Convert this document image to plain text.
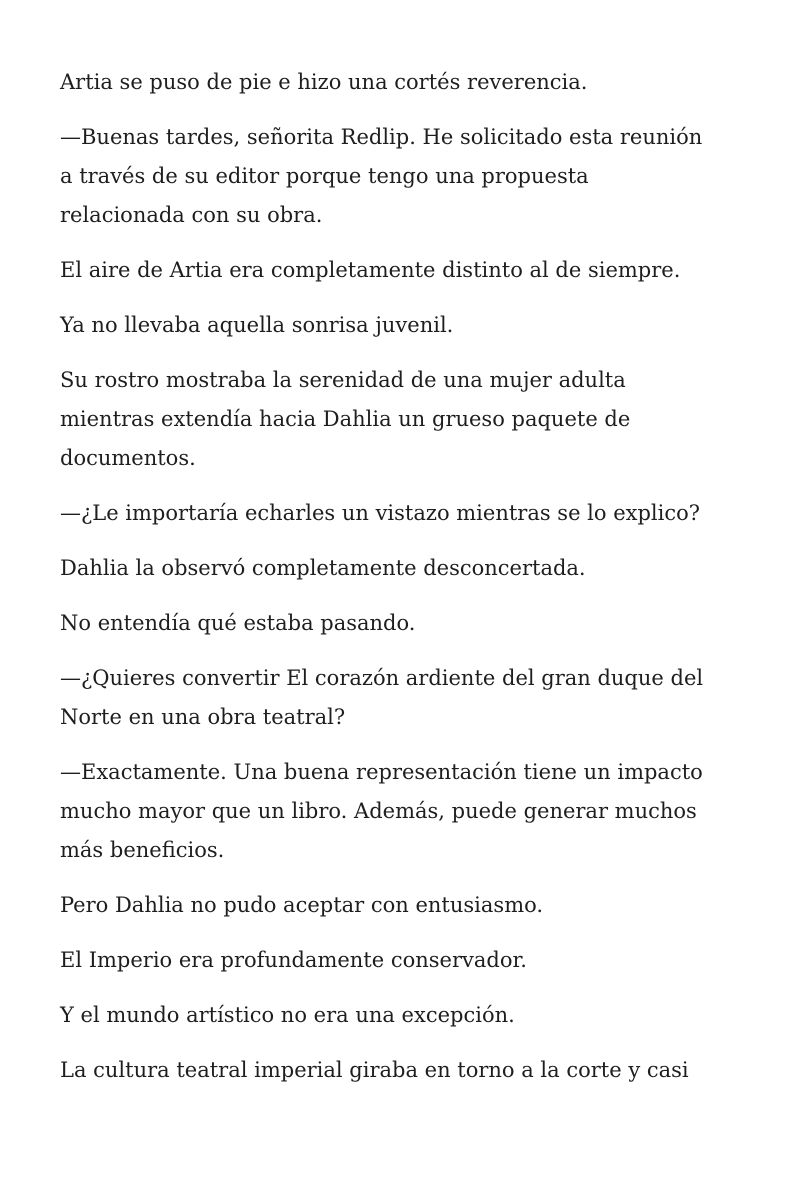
Artia se puso de pie e hizo una cortés reverencia.

—Buenas tardes, señorita Redlip. He solicitado esta reunión
a través de su editor porque tengo una propuesta
relacionada con su obra.

El aire de Artia era completamente distinto al de siempre.

Ya no llevaba aquella sonrisa juvenil.

Su rostro mostraba la serenidad de una mujer adulta
mientras extendía hacia Dahlia un grueso paquete de
documentos.

—¿Le importaría echarles un vistazo mientras se lo explico?

Dahlia la observó completamente desconcertada.

No entendía qué estaba pasando.

—¿Quieres convertir El corazón ardiente del gran duque del
Norte en una obra teatral?

—Exactamente. Una buena representación tiene un impacto
mucho mayor que un libro. Además, puede generar muchos
más beneficios.

Pero Dahlia no pudo aceptar con entusiasmo.

El Imperio era profundamente conservador.

Y el mundo artístico no era una excepción.

La cultura teatral imperial giraba en torno a la corte y casi
